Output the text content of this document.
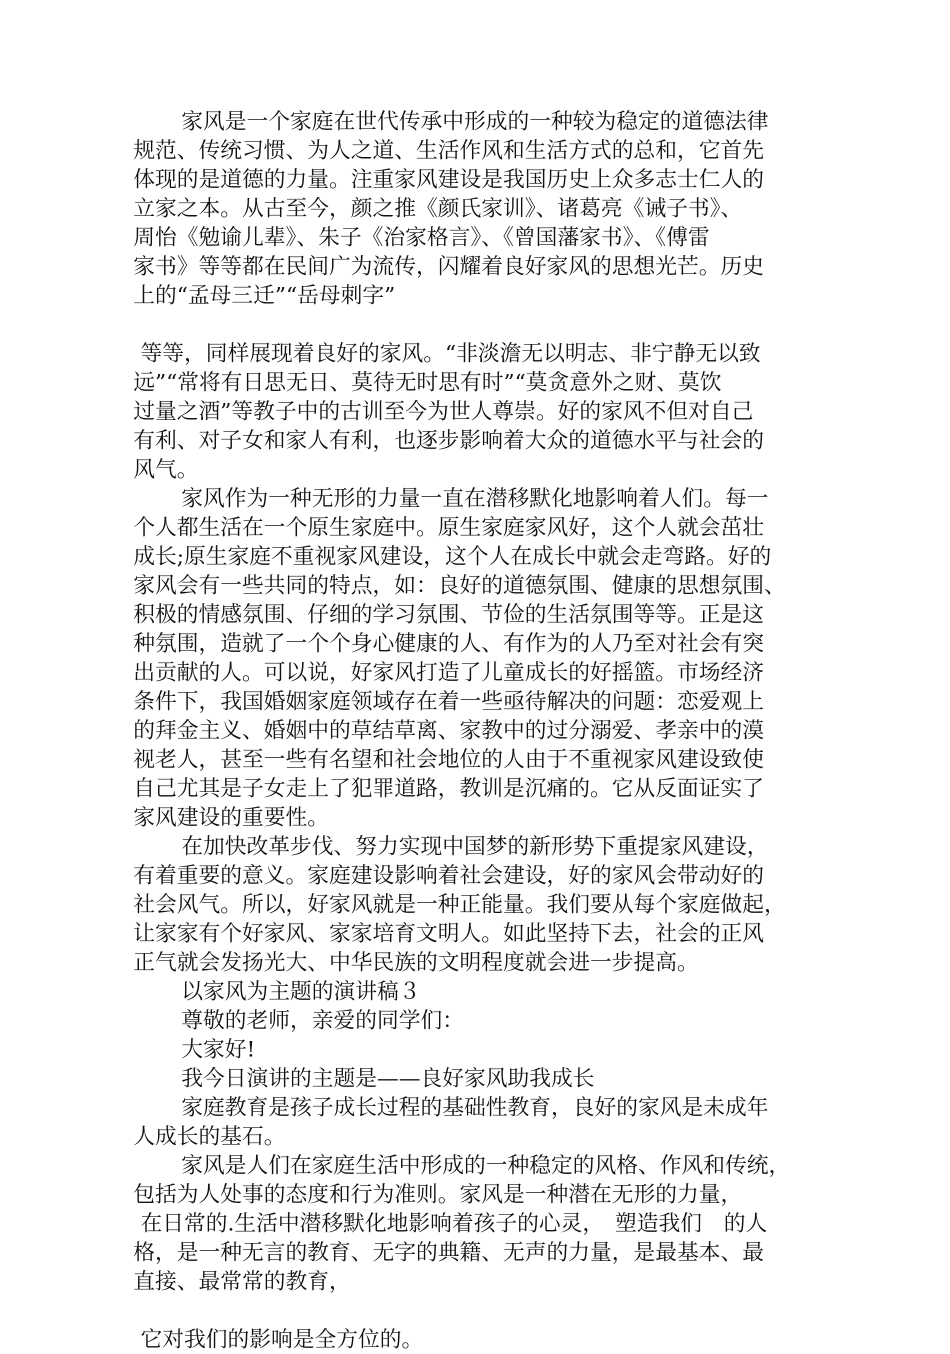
家风是一个家庭在世代传承中形成的一种较为稳定的道德法律
规范、传统习惯、为人之道、生活作风和生活方式的总和，它首先
体现的是道德的力量。注重家风建设是我国历史上众多志士仁人的
立家之本。从古至今，颜之推《颜氏家训》、诸葛亮《诫子书》、
周怡《勉谕儿辈》、朱子《治家格言》、《曾国藩家书》、《傅雷
家书》等等都在民间广为流传，闪耀着良好家风的思想光芒。历史
上的“孟母三迁”“岳母刺字”
等等，同样展现着良好的家风。“非淡澹无以明志、非宁静无以致
远”“常将有日思无日、莫待无时思有时”“莫贪意外之财、莫饮
过量之酒”等教子中的古训至今为世人尊崇。好的家风不但对自己
有利、对子女和家人有利，也逐步影响着大众的道德水平与社会的
风气。
家风作为一种无形的力量一直在潜移默化地影响着人们。每一
个人都生活在一个原生家庭中。原生家庭家风好，这个人就会茁壮
成长;原生家庭不重视家风建设，这个人在成长中就会走弯路。好的
家风会有一些共同的特点，如：良好的道德氛围、健康的思想氛围、
积极的情感氛围、仔细的学习氛围、节俭的生活氛围等等。正是这
种氛围，造就了一个个身心健康的人、有作为的人乃至对社会有突
出贡献的人。可以说，好家风打造了儿童成长的好摇篮。市场经济
条件下，我国婚姻家庭领域存在着一些亟待解决的问题：恋爱观上
的拜金主义、婚姻中的草结草离、家教中的过分溺爱、孝亲中的漠
视老人，甚至一些有名望和社会地位的人由于不重视家风建设致使
自己尤其是子女走上了犯罪道路，教训是沉痛的。它从反面证实了
家风建设的重要性。
在加快改革步伐、努力实现中国梦的新形势下重提家风建设，
有着重要的意义。家庭建设影响着社会建设，好的家风会带动好的
社会风气。所以，好家风就是一种正能量。我们要从每个家庭做起，
让家家有个好家风、家家培育文明人。如此坚持下去，社会的正风
正气就会发扬光大、中华民族的文明程度就会进一步提高。
以家风为主题的演讲稿３
尊敬的老师，亲爱的同学们：
大家好!
我今日演讲的主题是——良好家风助我成长
家庭教育是孩子成长过程的基础性教育，良好的家风是未成年
人成长的基石。
家风是人们在家庭生活中形成的一种稳定的风格、作风和传统，
包括为人处事的态度和行为准则。家风是一种潜在无形的力量，
在日常的.生活中潜移默化地影响着孩子的心灵，　塑造我们　的人
格，是一种无言的教育、无字的典籍、无声的力量，是最基本、最
直接、最常常的教育，
它对我们的影响是全方位的。
